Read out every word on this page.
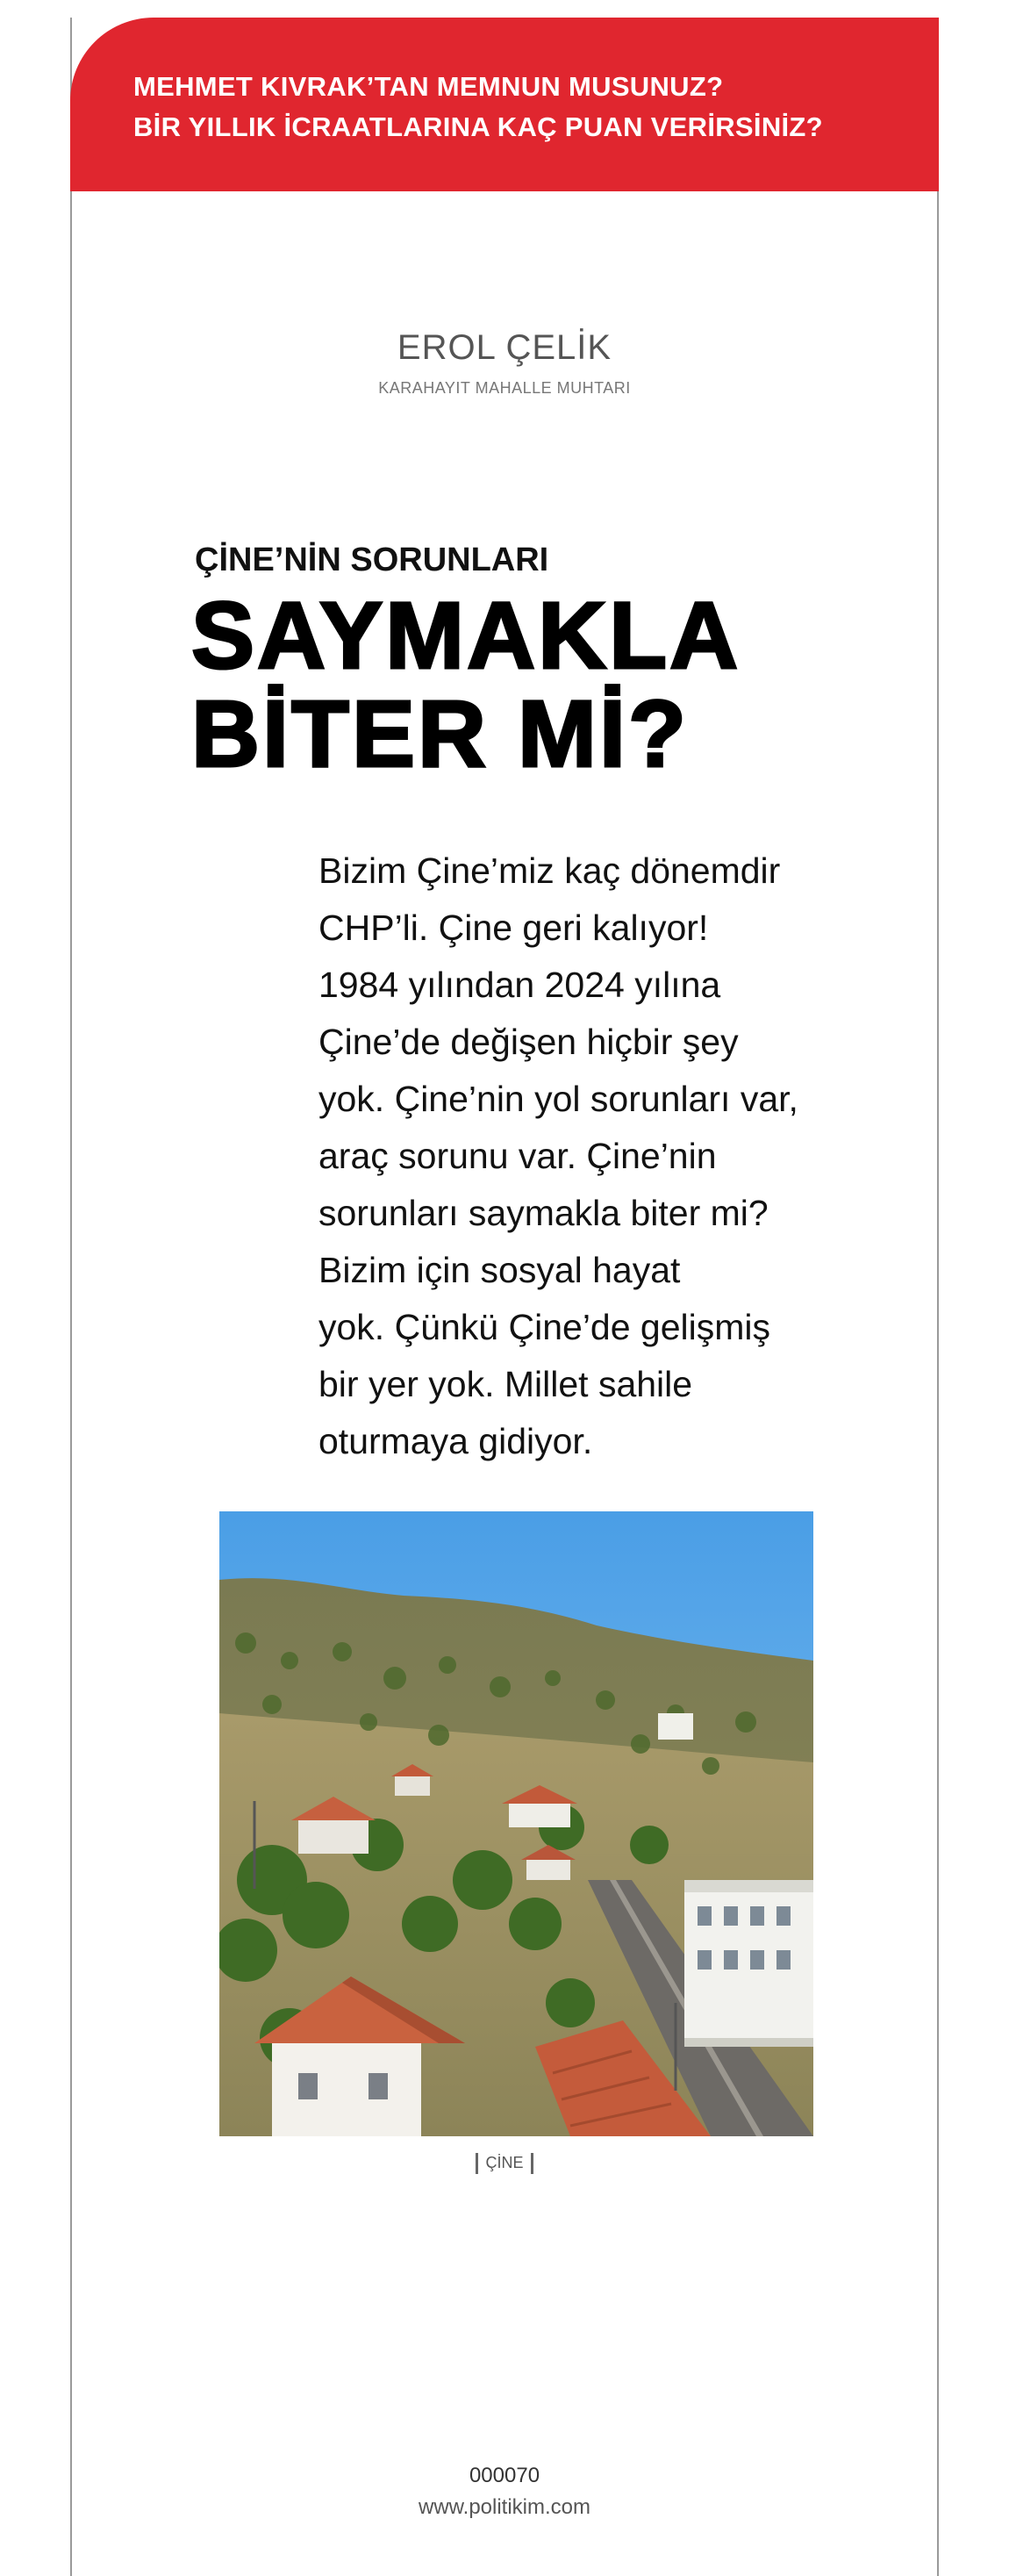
MEHMET KIVRAK’TAN MEMNUN MUSUNUZ?
BİR YILLIK İCRAATLARINA KAÇ PUAN VERİRSİNİZ?
EROL ÇELİK
KARAHAYIT MAHALLE MUHTARI
ÇİNE’NİN SORUNLARI
SAYMAKLA
BİTER Mİ?
Bizim Çine’miz kaç dönemdir
CHP’li. Çine geri kalıyor!
1984 yılından 2024 yılına
Çine’de değişen hiçbir şey
yok. Çine’nin yol sorunları var,
araç sorunu var. Çine’nin
sorunları saymakla biter mi?
Bizim için sosyal hayat
yok. Çünkü Çine’de gelişmiş
bir yer yok. Millet sahile
oturmaya gidiyor.
ÇİNE
000070
www.politikim.com
